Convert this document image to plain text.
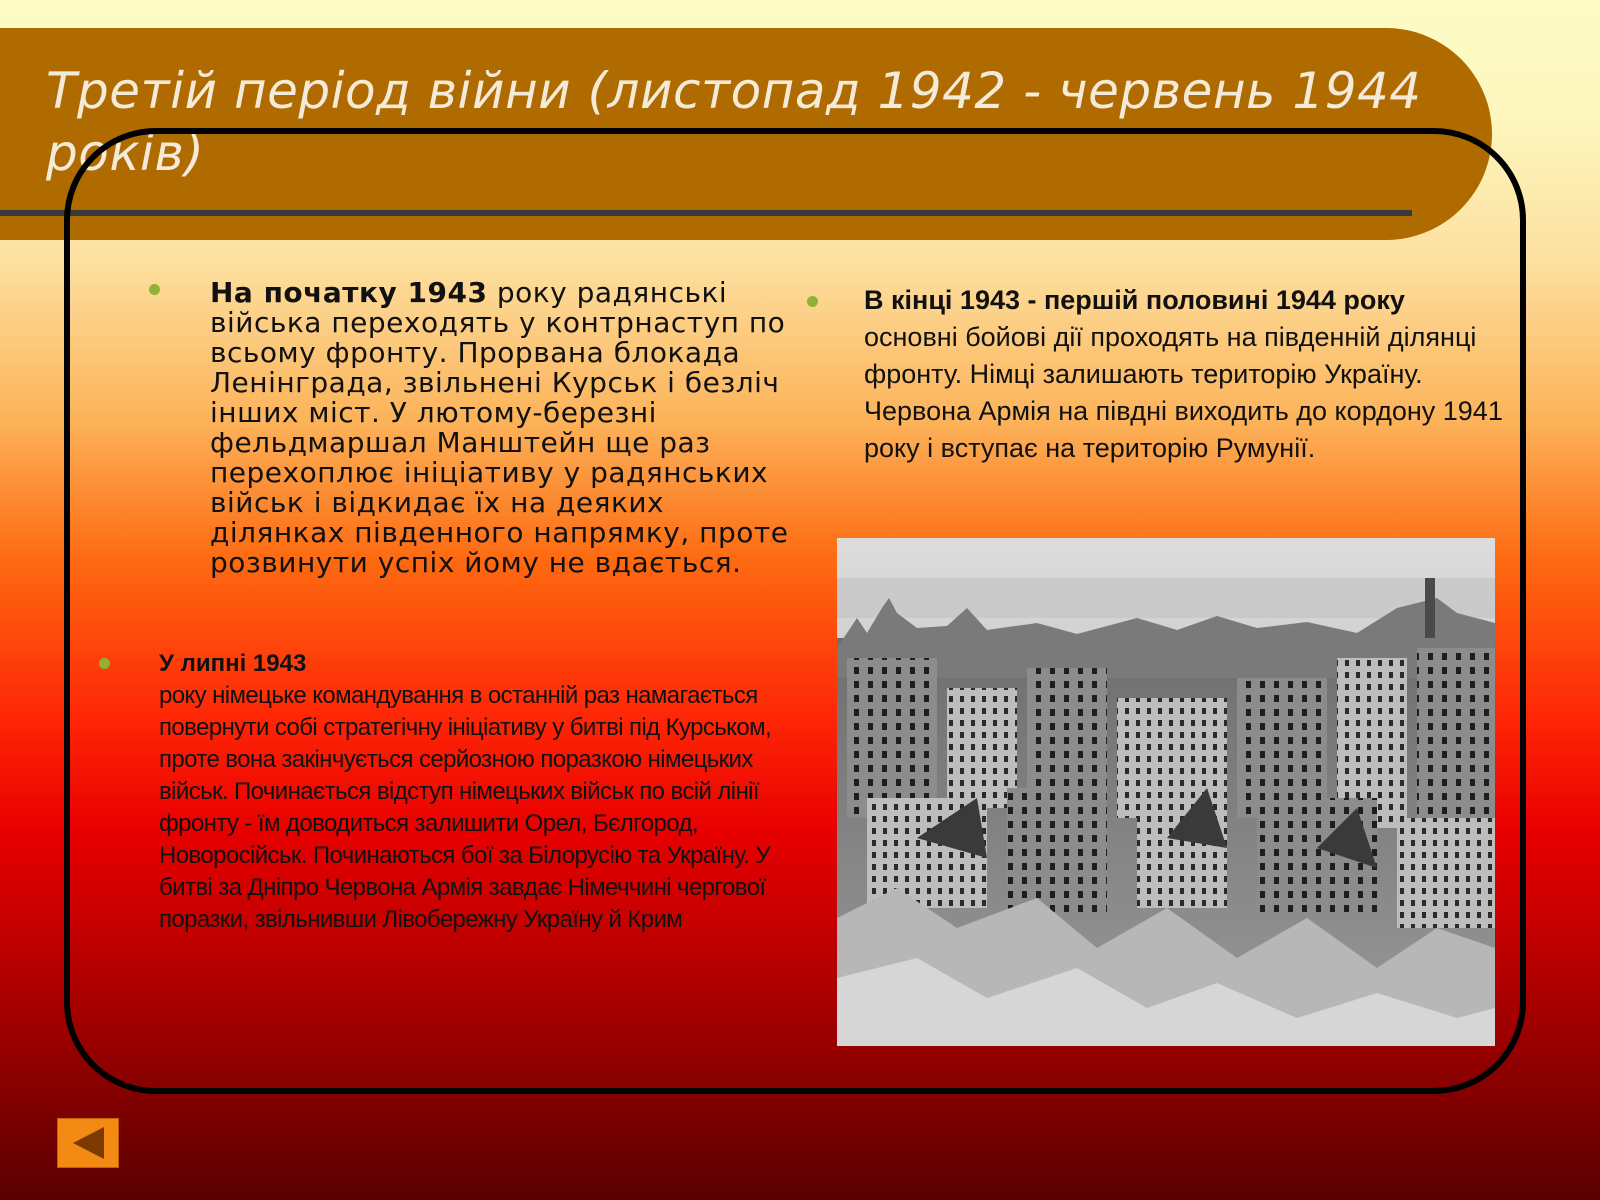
Третій період війни (листопад 1942 - червень 1944 років)

На початку 1943 року радянські війська переходять у контрнаступ по всьому фронту. Прорвана блокада Ленінграда, звільнені Курськ і безліч інших міст. У лютому-березні фельдмаршал Манштейн ще раз перехоплює ініціативу у радянських військ і відкидає їх на деяких ділянках південного напрямку, проте розвинути успіх йому не вдається.

У липні 1943
року німецьке командування в останній раз намагається повернути собі стратегічну ініціативу у битві під Курськом, проте вона закінчується серйозною поразкою німецьких військ. Починається відступ німецьких військ по всій лінії фронту - їм доводиться залишити Орел, Бєлгород, Новоросійськ. Починаються бої за Білорусію та Україну. У битві за Дніпро Червона Армія завдає Німеччині чергової поразки, звільнивши Лівобережну Україну й Крим

В кінці 1943 - першій половині 1944 року
основні бойові дії проходять на південній ділянці фронту. Німці залишають територію Україну. Червона Армія на півдні виходить до кордону 1941 року і вступає на територію Румунії.
